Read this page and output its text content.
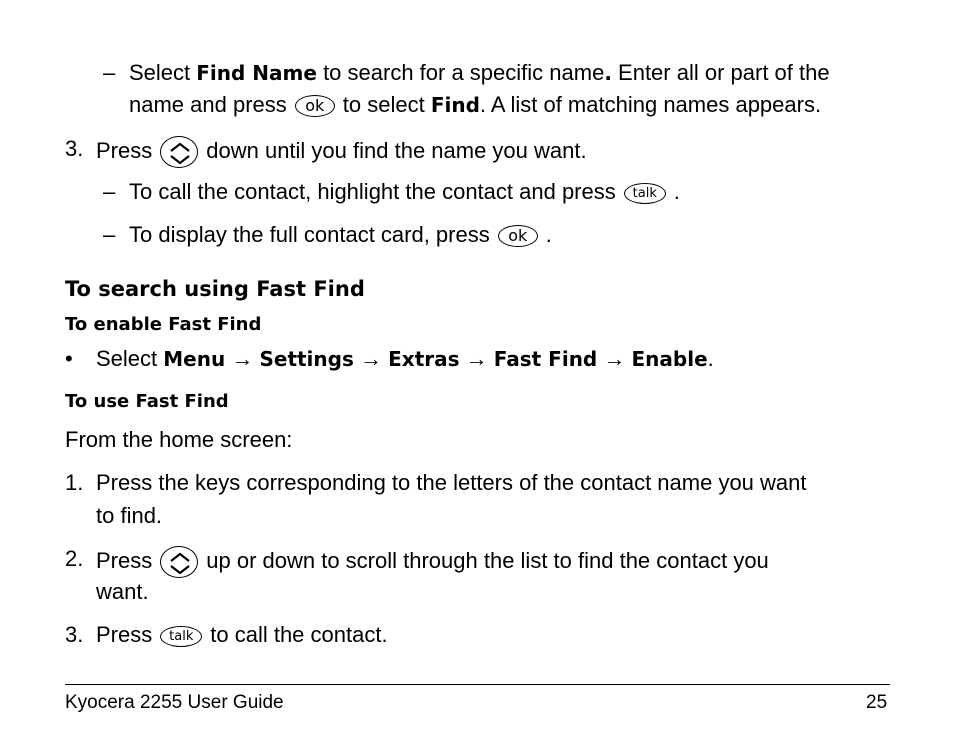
– Select Find Name to search for a specific name. Enter all or part of the
name and press ok to select Find. A list of matching names appears.
3. Press down until you find the name you want.
– To call the contact, highlight the contact and press talk .
– To display the full contact card, press ok .
To search using Fast Find
To enable Fast Find
• Select Menu → Settings → Extras → Fast Find → Enable.
To use Fast Find
From the home screen:
1. Press the keys corresponding to the letters of the contact name you want
to find.
2. Press up or down to scroll through the list to find the contact you
want.
3. Press talk to call the contact.
Kyocera 2255 User Guide	25
